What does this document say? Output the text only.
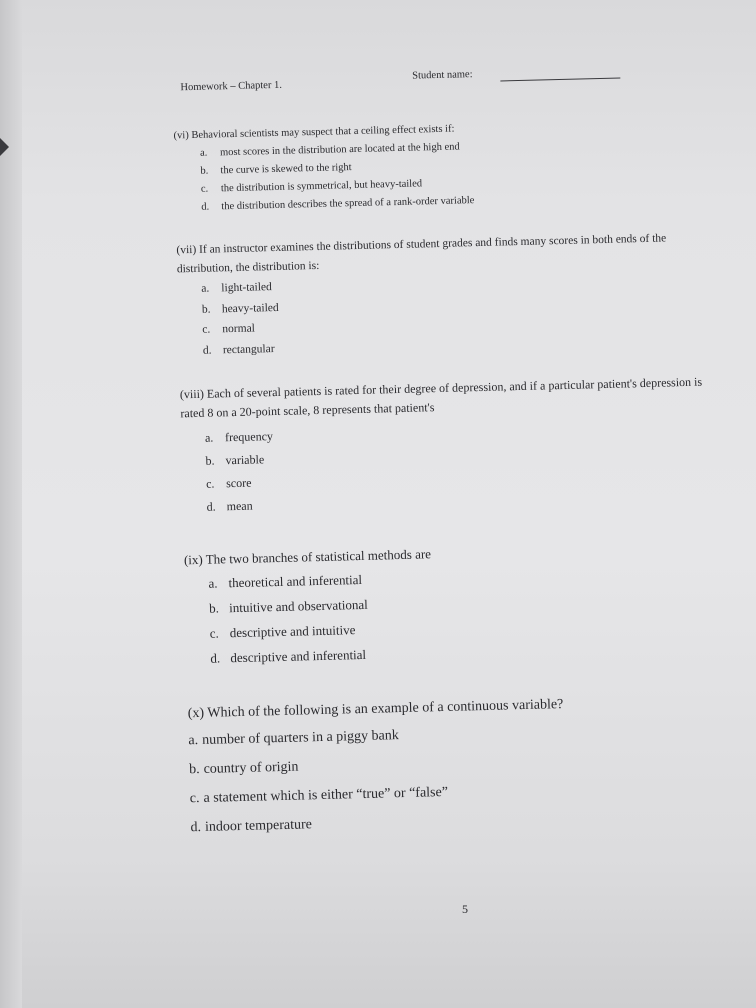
Homework – Chapter 1.
Student name:

(vi) Behavioral scientists may suspect that a ceiling effect exists if:

a.	most scores in the distribution are located at the high end
b.	the curve is skewed to the right
c.	the distribution is symmetrical, but heavy-tailed
d.	the distribution describes the spread of a rank-order variable

(vii) If an instructor examines the distributions of student grades and finds many scores in both ends of the distribution, the distribution is:

a.	light-tailed
b. heavy-tailed
c.	normal
d. rectangular

(viii) Each of several patients is rated for their degree of depression, and if a particular patient's depression is rated 8 on a 20-point scale, 8 represents that patient's

a. frequency
b. variable
c. score
d. mean

(ix) The two branches of statistical methods are

a. theoretical and inferential
b. intuitive and observational
c. descriptive and intuitive
d. descriptive and inferential

(x) Which of the following is an example of a continuous variable?

a. number of quarters in a piggy bank
b. country of origin
c. a statement which is either “true” or “false”
d. indoor temperature
5
